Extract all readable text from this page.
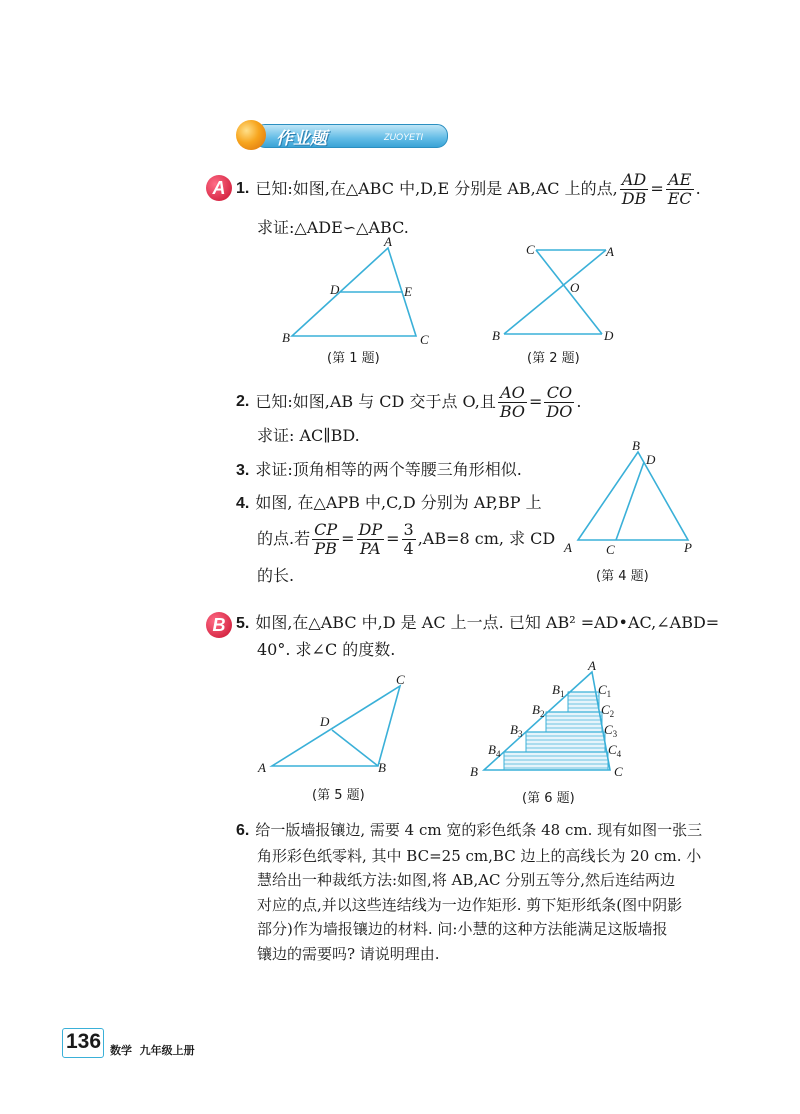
作业题	ZUOYETI
A 1. 已知:如图,在△ABC 中,D,E 分别是 AB,AC 上的点, $\frac{AD}{DB} = \frac{AE}{EC}$ .
求证:△ADE∽△ABC.
A
B	C
D	E
(第 1 题)
C	A
O
B	D
(第 2 题)
2. 已知:如图,AB 与 CD 交于点 O,且 $\frac{AO}{BO} = \frac{CO}{DO}$ .
求证: AC∥BD.
3. 求证:顶角相等的两个等腰三角形相似.
4. 如图, 在△APB 中,C,D 分别为 AP,BP 上
的点.若 $\frac{CP}{PB} = \frac{DP}{PA} = \frac{3}{4} ,AB=8$ cm, 求 CD
的长.
B
D
A	C	P
(第 4 题)
B 5. 如图,在△ABC 中,D 是 AC 上一点. 已知 AB² =AD•AC,∠ABD=
40°. 求∠C 的度数.
C
D
A	B
(第 5 题)
A
B	C
$B_1$
$B_2$
$B_3$
$B_4$
$C_1$
$C_2$
$C_3$
$C_4$
(第 6 题)
6. 给一版墙报镶边, 需要 4 cm 宽的彩色纸条 48 cm. 现有如图一张三
角形彩色纸零料, 其中 BC=25 cm,BC 边上的高线长为 20 cm. 小
慧给出一种裁纸方法:如图,将 AB,AC 分别五等分,然后连结两边
对应的点,并以这些连结线为一边作矩形. 剪下矩形纸条(图中阴影
部分)作为墙报镶边的材料. 问:小慧的这种方法能满足这版墙报
镶边的需要吗? 请说明理由.
136 数学  九年级上册
